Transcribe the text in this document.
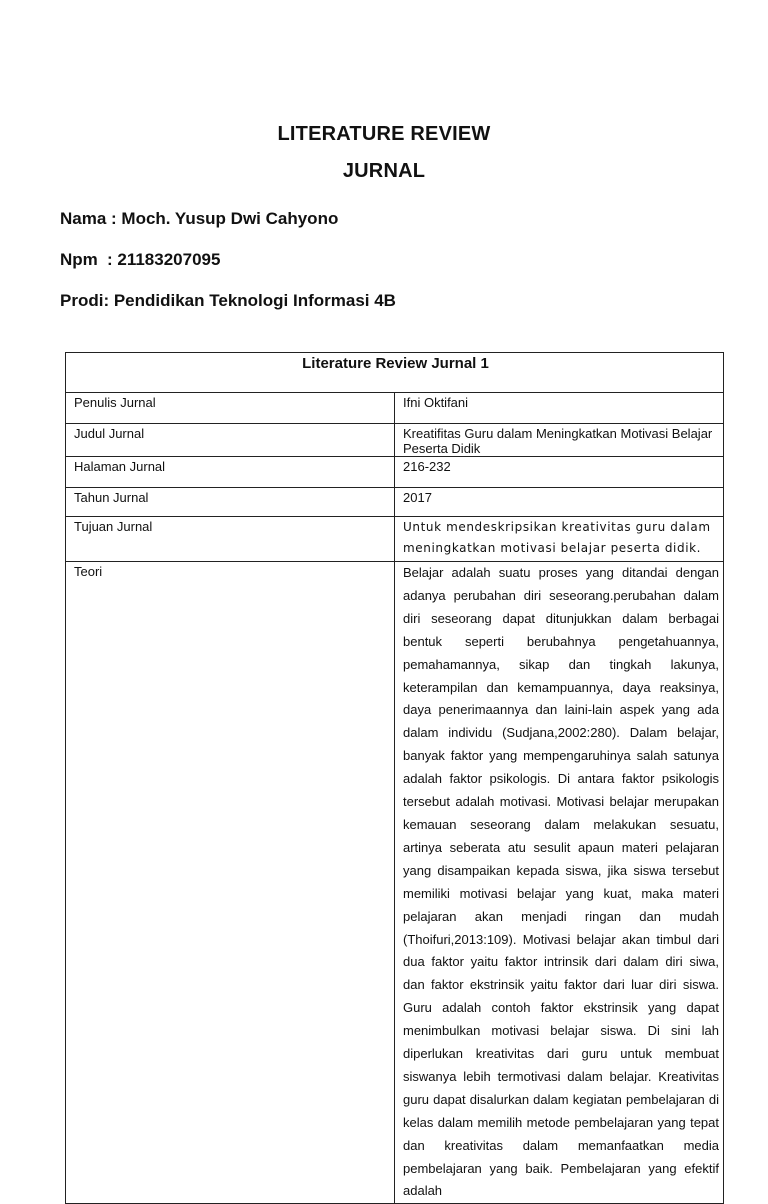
LITERATURE REVIEW
JURNAL
Nama : Moch. Yusup Dwi Cahyono
Npm : 21183207095
Prodi: Pendidikan Teknologi Informasi 4B
Literature Review Jurnal 1	
Penulis Jurnal	Ifni Oktifani
Judul Jurnal	Kreatifitas Guru dalam Meningkatkan Motivasi Belajar Peserta Didik
Halaman Jurnal	216-232
Tahun Jurnal	2017
Tujuan Jurnal	Untuk mendeskripsikan kreativitas guru dalam meningkatkan motivasi belajar peserta didik.
Teori	Belajar adalah suatu proses yang ditandai dengan adanya perubahan diri seseorang.perubahan dalam diri seseorang dapat ditunjukkan dalam berbagai bentuk seperti berubahnya pengetahuannya, pemahamannya, sikap dan tingkah lakunya, keterampilan dan kemampuannya, daya reaksinya, daya penerimaannya dan laini-lain aspek yang ada dalam individu (Sudjana,2002:280). Dalam belajar, banyak faktor yang mempengaruhinya salah satunya adalah faktor psikologis. Di antara faktor psikologis tersebut adalah motivasi. Motivasi belajar merupakan kemauan seseorang dalam melakukan sesuatu, artinya seberata atu sesulit apaun materi pelajaran yang disampaikan kepada siswa, jika siswa tersebut memiliki motivasi belajar yang kuat, maka materi pelajaran akan menjadi ringan dan mudah (Thoifuri,2013:109). Motivasi belajar akan timbul dari dua faktor yaitu faktor intrinsik dari dalam diri siwa, dan faktor ekstrinsik yaitu faktor dari luar diri siswa. Guru adalah contoh faktor ekstrinsik yang dapat menimbulkan motivasi belajar siswa. Di sini lah diperlukan kreativitas dari guru untuk membuat siswanya lebih termotivasi dalam belajar. Kreativitas guru dapat disalurkan dalam kegiatan pembelajaran di kelas dalam memilih metode pembelajaran yang tepat dan kreativitas dalam memanfaatkan media pembelajaran yang baik. Pembelajaran yang efektif adalah
